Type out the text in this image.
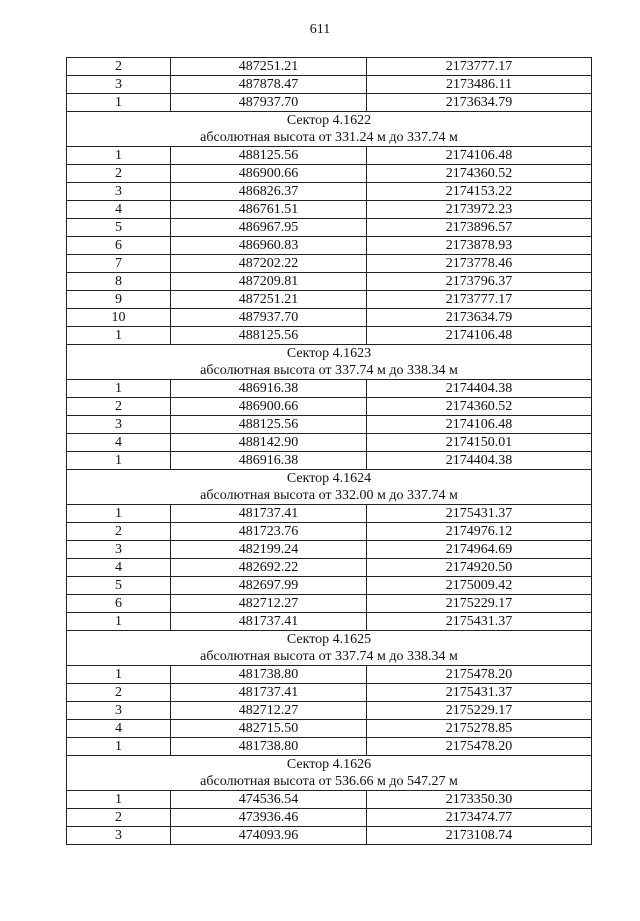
611
2	487251.21	2173777.17
3	487878.47	2173486.11
1	487937.70	2173634.79

Сектор 4.1622
абсолютная высота от 331.24 м до 337.74 м		

1	488125.56	2174106.48
2	486900.66	2174360.52
3	486826.37	2174153.22
4	486761.51	2173972.23
5	486967.95	2173896.57
6	486960.83	2173878.93
7	487202.22	2173778.46
8	487209.81	2173796.37
9	487251.21	2173777.17
10	487937.70	2173634.79
1	488125.56	2174106.48

Сектор 4.1623
абсолютная высота от 337.74 м до 338.34 м		

1	486916.38	2174404.38
2	486900.66	2174360.52
3	488125.56	2174106.48
4	488142.90	2174150.01
1	486916.38	2174404.38

Сектор 4.1624
абсолютная высота от 332.00 м до 337.74 м		

1	481737.41	2175431.37
2	481723.76	2174976.12
3	482199.24	2174964.69
4	482692.22	2174920.50
5	482697.99	2175009.42
6	482712.27	2175229.17
1	481737.41	2175431.37

Сектор 4.1625
абсолютная высота от 337.74 м до 338.34 м		

1	481738.80	2175478.20
2	481737.41	2175431.37
3	482712.27	2175229.17
4	482715.50	2175278.85
1	481738.80	2175478.20

Сектор 4.1626
абсолютная высота от 536.66 м до 547.27 м		

1	474536.54	2173350.30
2	473936.46	2173474.77
3	474093.96	2173108.74
